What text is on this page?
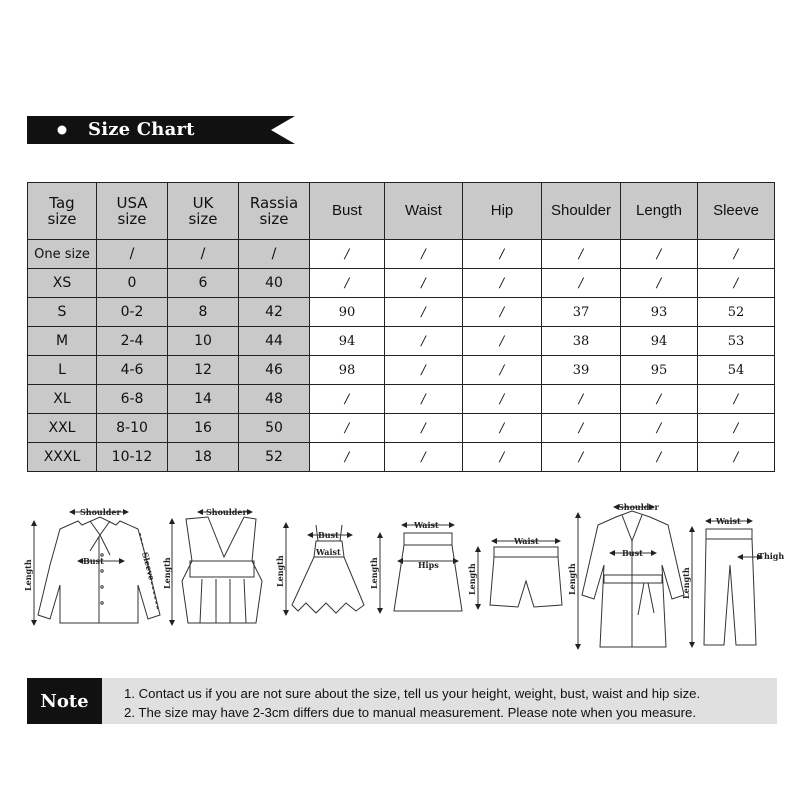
Size Chart
Tag size	USA size	UK size	Rassia size	Bust	Waist	Hip	Shoulder	Length	Sleeve
One size	/	/	/	/	/	/	/	/	/
XS	0	6	40	/	/	/	/	/	/
S	0-2	8	42	90	/	/	37	93	52
M	2-4	10	44	94	/	/	38	94	53
L	4-6	12	46	98	/	/	39	95	54
XL	6-8	14	48	/	/	/	/	/	/
XXL	8-10	16	50	/	/	/	/	/	/
XXXL	10-12	18	52	/	/	/	/	/	/
Shoulder
Bust	Sleeve
Length
Shoulder
Length
Bust
Waist
Length
Waist
Hips
Length
Waist
Length
Shoulder
Bust
Length
Waist
Thigh
Length
Note	1. Contact us if you are not sure about the size, tell us your height, weight, bust, waist and hip size.
2. The size may have 2-3cm differs due to manual measurement. Please note when you measure.
